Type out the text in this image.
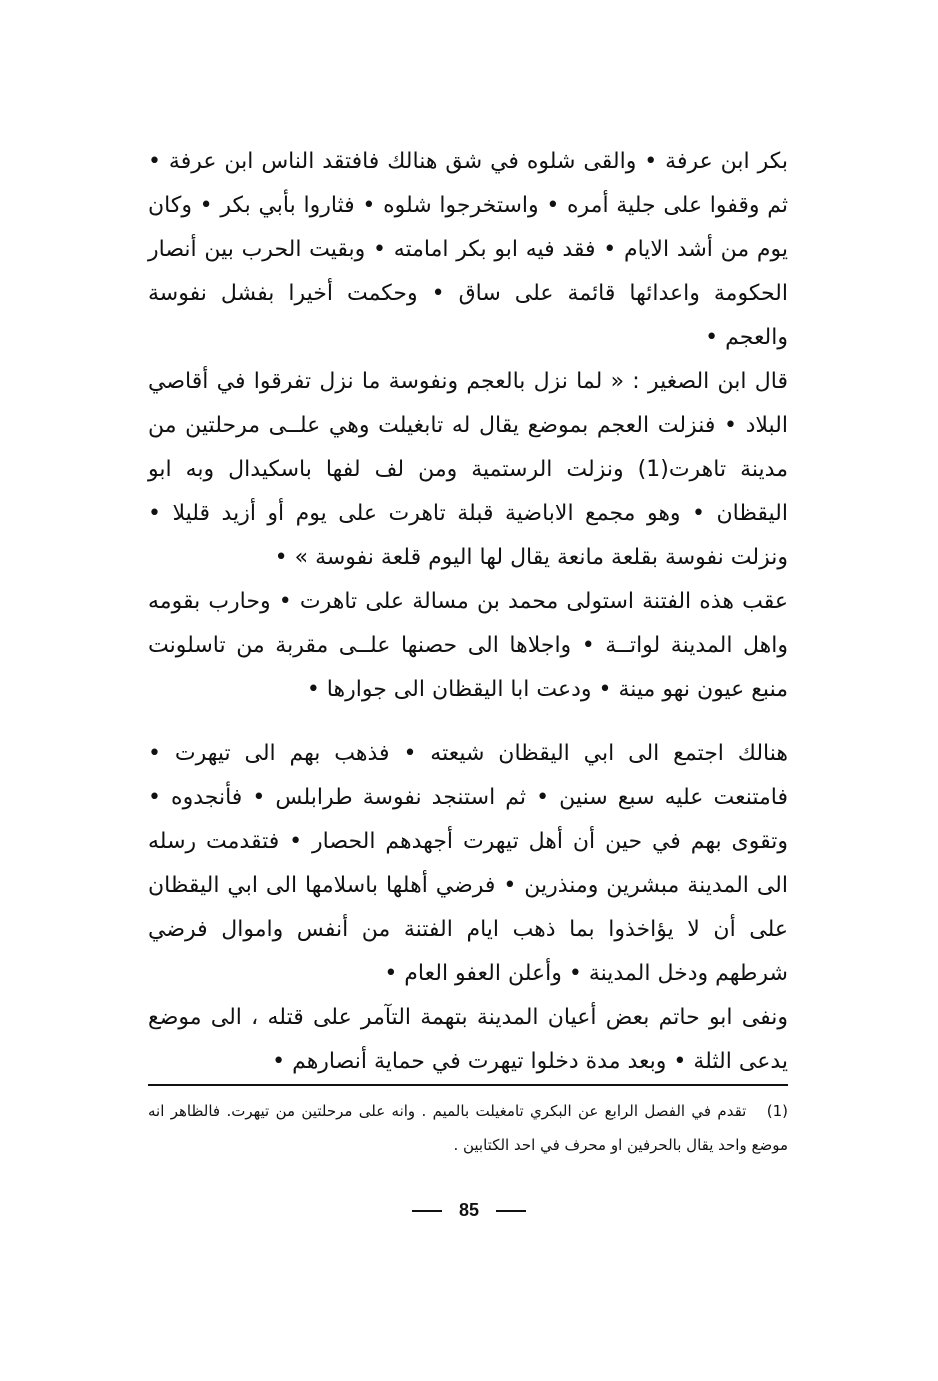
بكر ابن عرفة • والقى شلوه في شق هنالك فافتقد الناس ابن عرفة • ثم وقفوا على جلية أمره • واستخرجوا شلوه • فثاروا بأبي بكر • وكان يوم من أشد الايام • فقد فيه ابو بكر امامته • وبقيت الحرب بين أنصار الحكومة واعدائها قائمة على ساق • وحكمت أخيرا بفشل نفوسة والعجم •

قال ابن الصغير : « لما نزل بالعجم ونفوسة ما نزل تفرقوا في أقاصي البلاد • فنزلت العجم بموضع يقال له تابغيلت وهي علــى مرحلتين من مدينة تاهرت(1) ونزلت الرستمية ومن لف لفها باسكيدال وبه ابو اليقظان • وهو مجمع الاباضية قبلة تاهرت على يوم أو أزيد قليلا • ونزلت نفوسة بقلعة مانعة يقال لها اليوم قلعة نفوسة » •

عقب هذه الفتنة استولى محمد بن مسالة على تاهرت • وحارب بقومه واهل المدينة لواتــة • واجلاها الى حصنها علــى مقربة من تاسلونت منبع عيون نهو مينة • ودعت ابا اليقظان الى جوارها •

هنالك اجتمع الى ابي اليقظان شيعته • فذهب بهم الى تيهرت • فامتنعت عليه سبع سنين • ثم استنجد نفوسة طرابلس • فأنجدوه • وتقوى بهم في حين أن أهل تيهرت أجهدهم الحصار • فتقدمت رسله الى المدينة مبشرين ومنذرين • فرضي أهلها باسلامها الى ابي اليقظان على أن لا يؤاخذوا بما ذهب ايام الفتنة من أنفس واموال فرضي شرطهم ودخل المدينة • وأعلن العفو العام •

ونفى ابو حاتم بعض أعيان المدينة بتهمة التآمر على قتله ، الى موضع يدعى الثلة • وبعد مدة دخلوا تيهرت في حماية أنصارهم •

(1) تقدم في الفصل الرابع عن البكري تامغيلت بالميم . وانه على مرحلتين من تيهرت. فالظاهر انه موضع واحد يقال بالحرفين او محرف في احد الكتابين .

85
